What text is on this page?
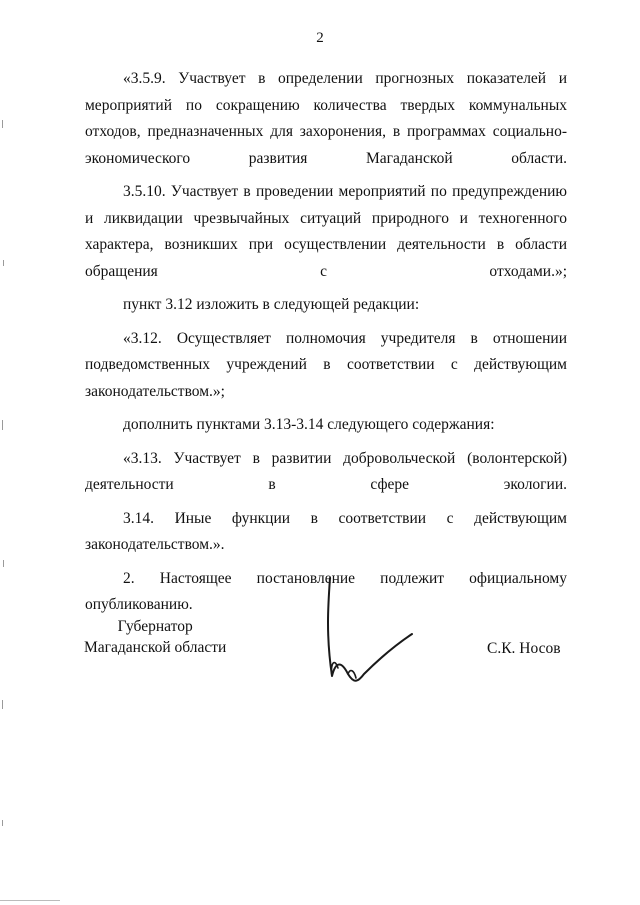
2

«3.5.9. Участвует в определении прогнозных показателей и мероприятий по сокращению количества твердых коммунальных отходов, предназначенных для захоронения, в программах социально-экономического развития Магаданской области.

3.5.10. Участвует в проведении мероприятий по предупреждению и ликвидации чрезвычайных ситуаций природного и техногенного характера, возникших при осуществлении деятельности в области обращения с отходами.»;

пункт 3.12 изложить в следующей редакции:

«3.12. Осуществляет полномочия учредителя в отношении подведомственных учреждений в соответствии с действующим законодательством.»;

дополнить пунктами 3.13-3.14 следующего содержания:

«3.13. Участвует в развитии добровольческой (волонтерской) деятельности в сфере экологии.

3.14. Иные функции в соответствии с действующим законодательством.».

2. Настоящее постановление подлежит официальному опубликованию.

Губернатор
Магаданской области	С.К. Носов
